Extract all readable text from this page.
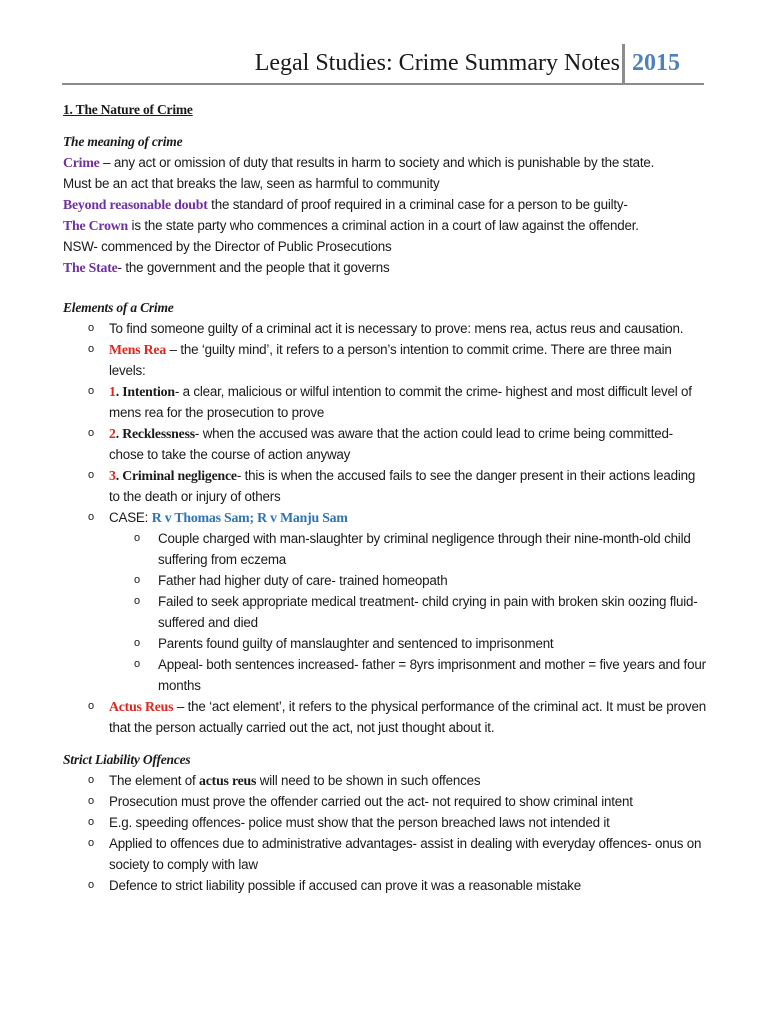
Legal Studies: Crime Summary Notes 2015
1. The Nature of Crime
The meaning of crime

Crime – any act or omission of duty that results in harm to society and which is punishable by the state.

Must be an act that breaks the law, seen as harmful to community

Beyond reasonable doubt the standard of proof required in a criminal case for a person to be guilty-

The Crown is the state party who commences a criminal action in a court of law against the offender.

NSW- commenced by the Director of Public Prosecutions

The State- the government and the people that it governs

Elements of a Crime
o To find someone guilty of a criminal act it is necessary to prove: mens rea, actus reus and causation.
o Mens Rea – the ‘guilty mind’, it refers to a person’s intention to commit crime. There are three main levels:
o 1. Intention- a clear, malicious or wilful intention to commit the crime- highest and most difficult level of mens rea for the prosecution to prove
o 2. Recklessness- when the accused was aware that the action could lead to crime being committed- chose to take the course of action anyway
o 3. Criminal negligence- this is when the accused fails to see the danger present in their actions leading to the death or injury of others
o CASE: R v Thomas Sam; R v Manju Sam
o Couple charged with man-slaughter by criminal negligence through their nine-month-old child suffering from eczema
o Father had higher duty of care- trained homeopath
o Failed to seek appropriate medical treatment- child crying in pain with broken skin oozing fluid- suffered and died
o Parents found guilty of manslaughter and sentenced to imprisonment
o Appeal- both sentences increased- father = 8yrs imprisonment and mother = five years and four months
o Actus Reus – the ‘act element’, it refers to the physical performance of the criminal act. It must be proven that the person actually carried out the act, not just thought about it.
Strict Liability Offences
o The element of actus reus will need to be shown in such offences
o Prosecution must prove the offender carried out the act- not required to show criminal intent
o E.g. speeding offences- police must show that the person breached laws not intended it
o Applied to offences due to administrative advantages- assist in dealing with everyday offences- onus on society to comply with law
o Defence to strict liability possible if accused can prove it was a reasonable mistake
